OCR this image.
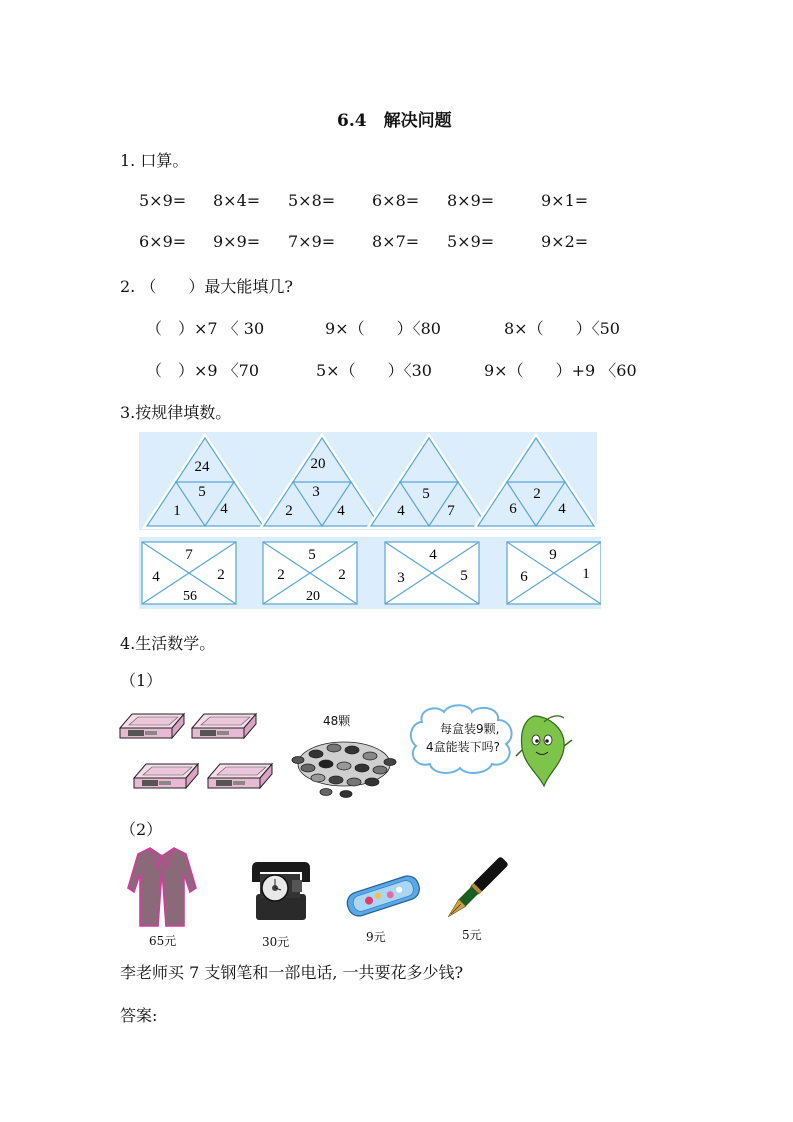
6.4　解决问题
1. 口算。
5×9= 8×4= 5×8= 6×8= 8×9=	9×1=
6×9= 9×9= 7×9= 8×7= 5×9=	9×2=
2. （　　）最大能填几?
（　）×7 〈 30	9×（　　）〈80	8×（　　）〈50
（　）×9 〈70	5×（　　）〈30	9×（　　）+9 〈60
3.按规律填数。
24
5
1	4
20
3
2	4
5
4	7
2
6	4
7
4	2
56
5
2	2
20
4
3	5
9
6	1
4.生活数学。
（1）
48颗
每盒装9颗,
4盒能装下吗?
（2）
65元	30元	9元	5元
李老师买 7 支钢笔和一部电话, 一共要花多少钱?
答案:
